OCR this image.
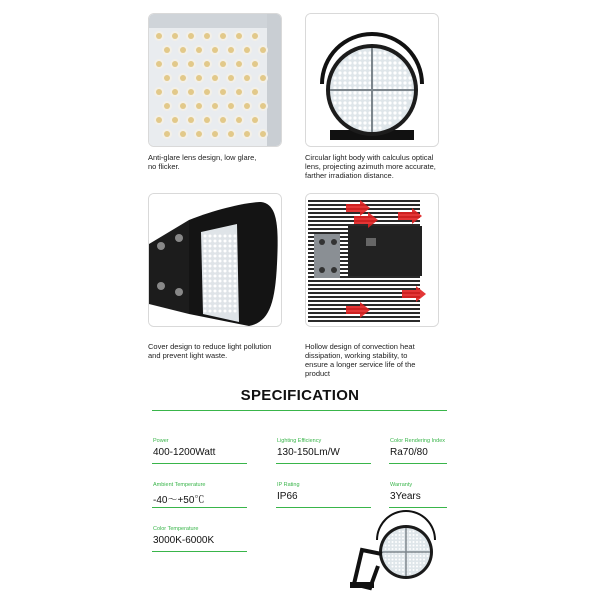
Anti-glare lens design, low glare,
no flicker.
Circular light body with calculus optical
lens, projecting azimuth more accurate,
farther irradiation distance.
Cover design to reduce light pollution
and prevent light waste.
Hollow design of convection heat
dissipation, working stability, to
ensure a longer service life of the
product
SPECIFICATION
Power
400-1200Watt
Lighting Efficiency
130-150Lm/W
Color Rendering Index
Ra70/80
Ambient Temperature
-40〜+50℃
IP Rating
IP66
Warranty
3Years
Color Temperature
3000K-6000K
